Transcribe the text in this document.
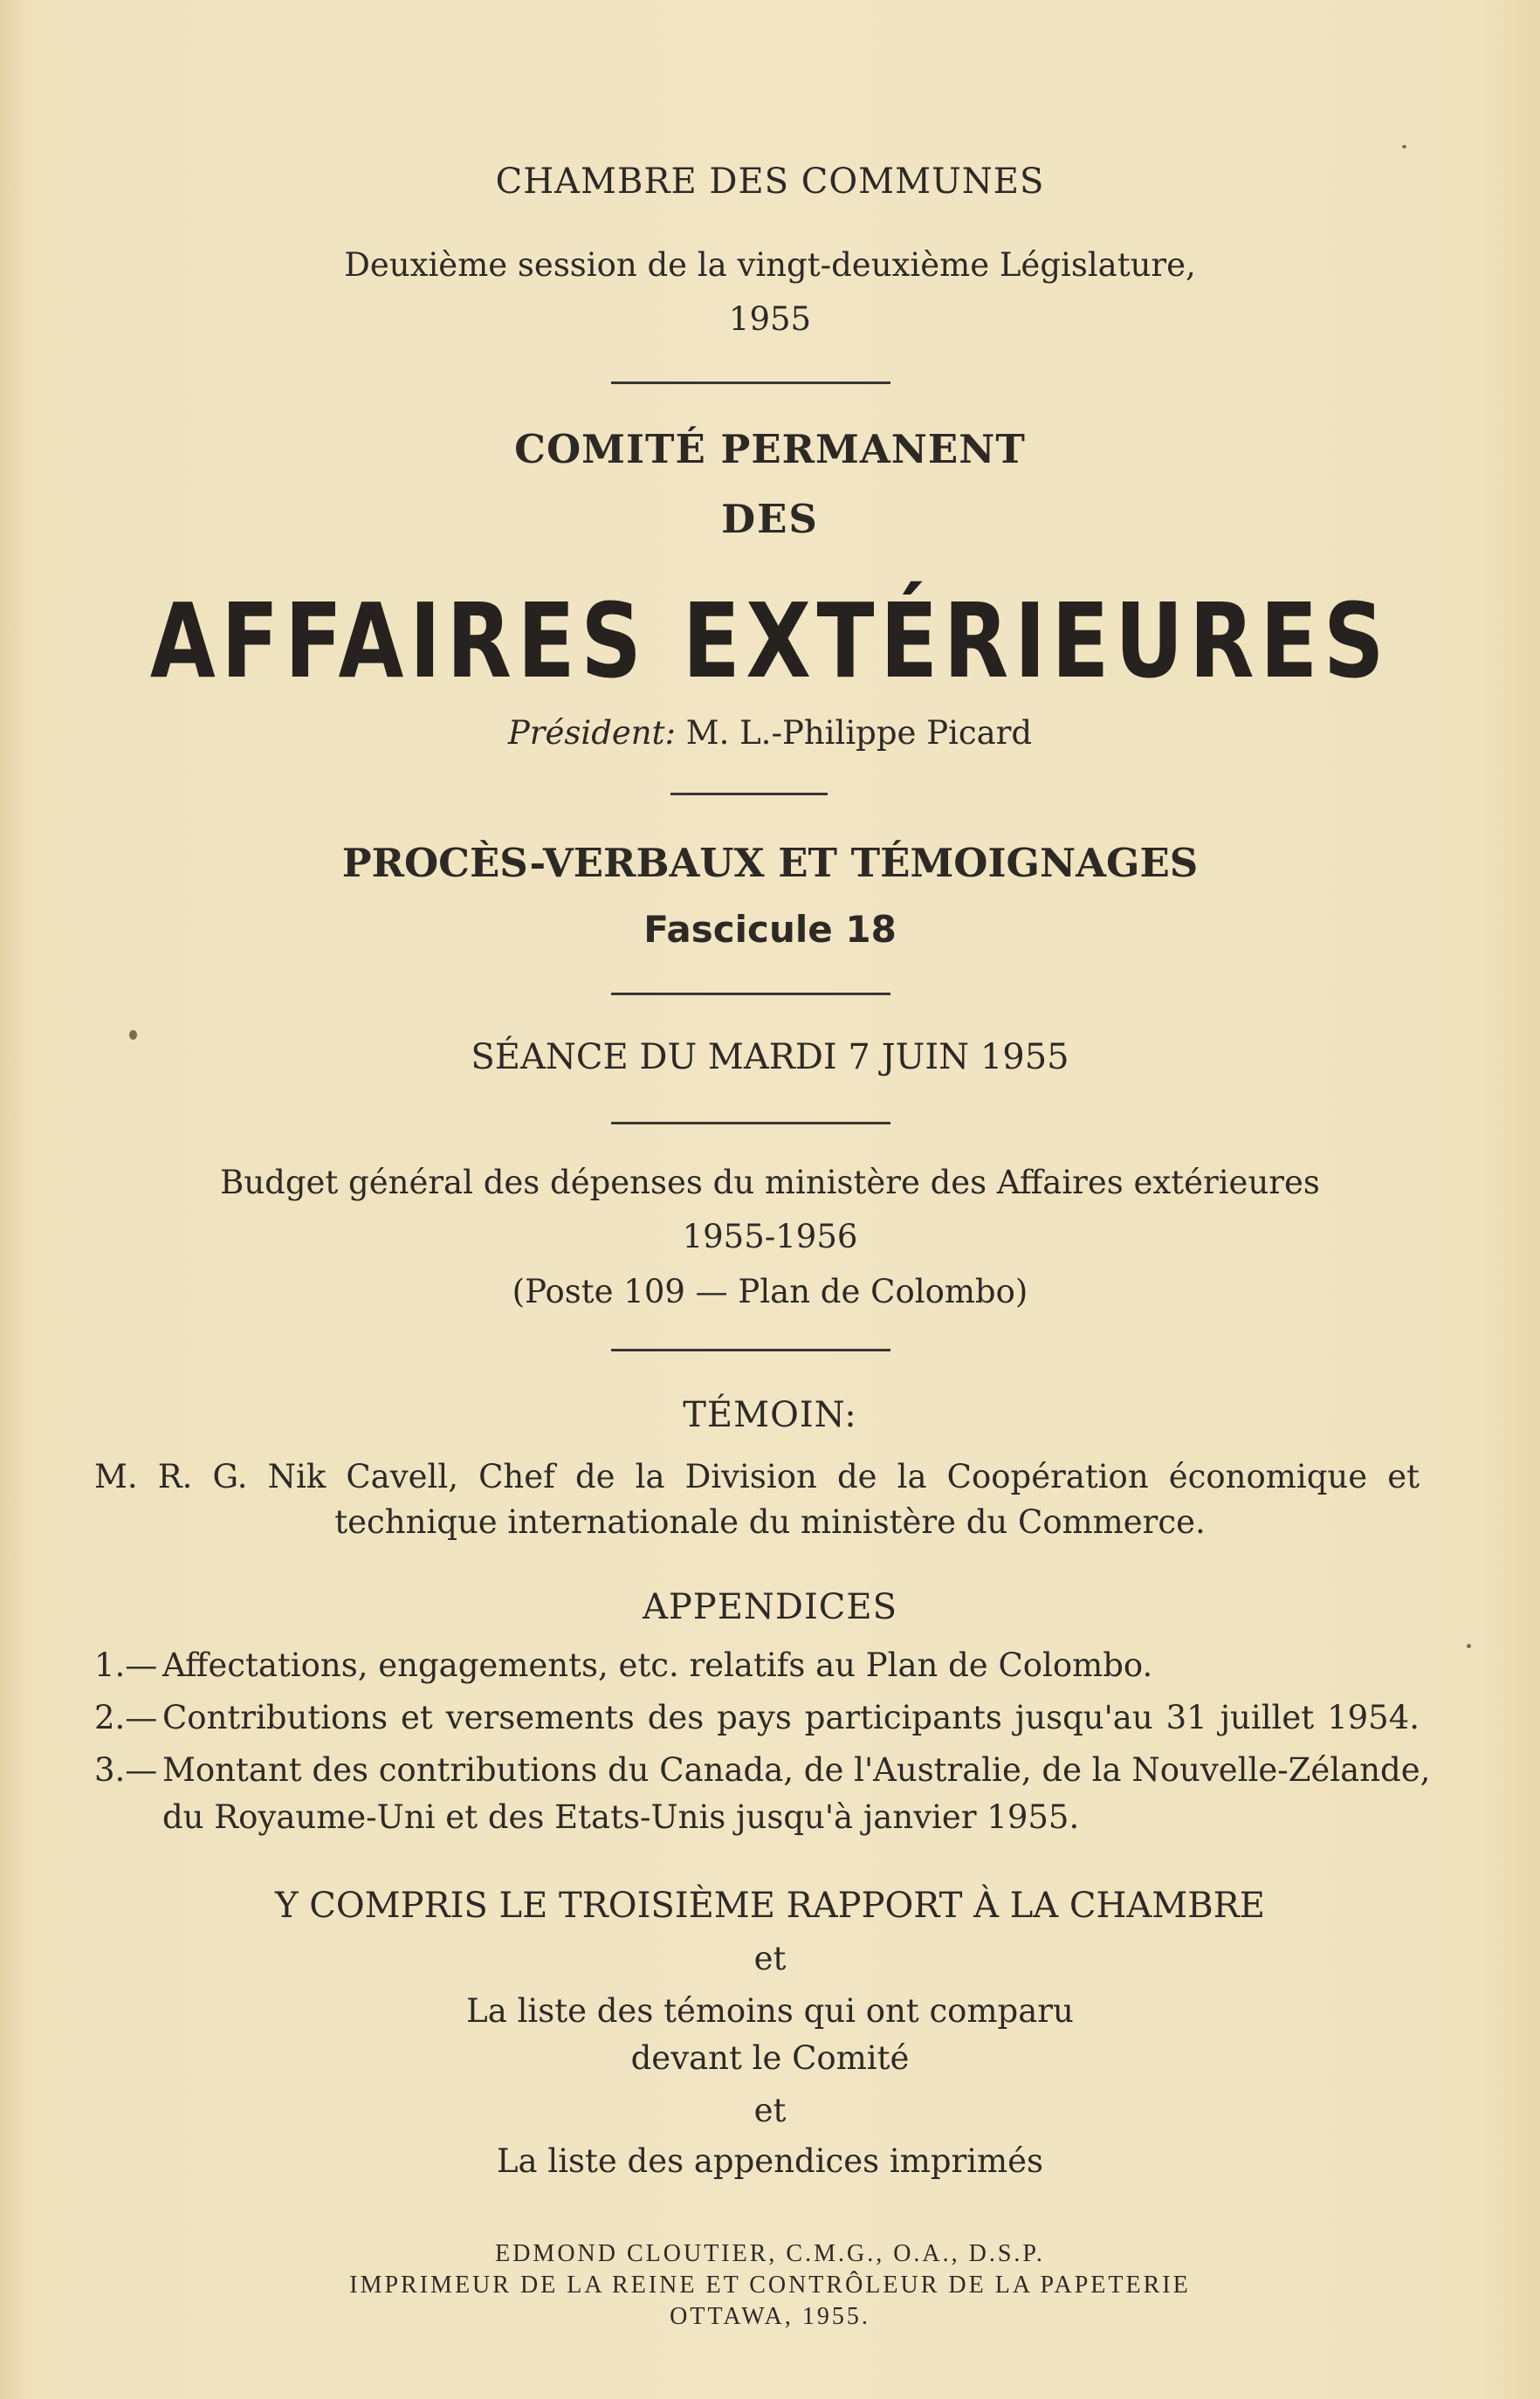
CHAMBRE DES COMMUNES
Deuxième session de la vingt-deuxième Législature,
1955
COMITÉ PERMANENT
DES
AFFAIRES EXTÉRIEURES
Président: M. L.-Philippe Picard
PROCÈS-VERBAUX ET TÉMOIGNAGES
Fascicule 18
SÉANCE DU MARDI 7 JUIN 1955
Budget général des dépenses du ministère des Affaires extérieures
1955-1956
(Poste 109 — Plan de Colombo)
TÉMOIN:
M. R. G. Nik Cavell, Chef de la Division de la Coopération économique et
technique internationale du ministère du Commerce.
APPENDICES
1.— Affectations, engagements, etc. relatifs au Plan de Colombo.
2.— Contributions et versements des pays participants jusqu'au 31 juillet 1954.
3.— Montant des contributions du Canada, de l'Australie, de la Nouvelle-Zélande,
du Royaume-Uni et des Etats-Unis jusqu'à janvier 1955.
Y COMPRIS LE TROISIÈME RAPPORT À LA CHAMBRE
et
La liste des témoins qui ont comparu
devant le Comité
et
La liste des appendices imprimés
EDMOND CLOUTIER, C.M.G., O.A., D.S.P.
IMPRIMEUR DE LA REINE ET CONTRÔLEUR DE LA PAPETERIE
OTTAWA, 1955.
